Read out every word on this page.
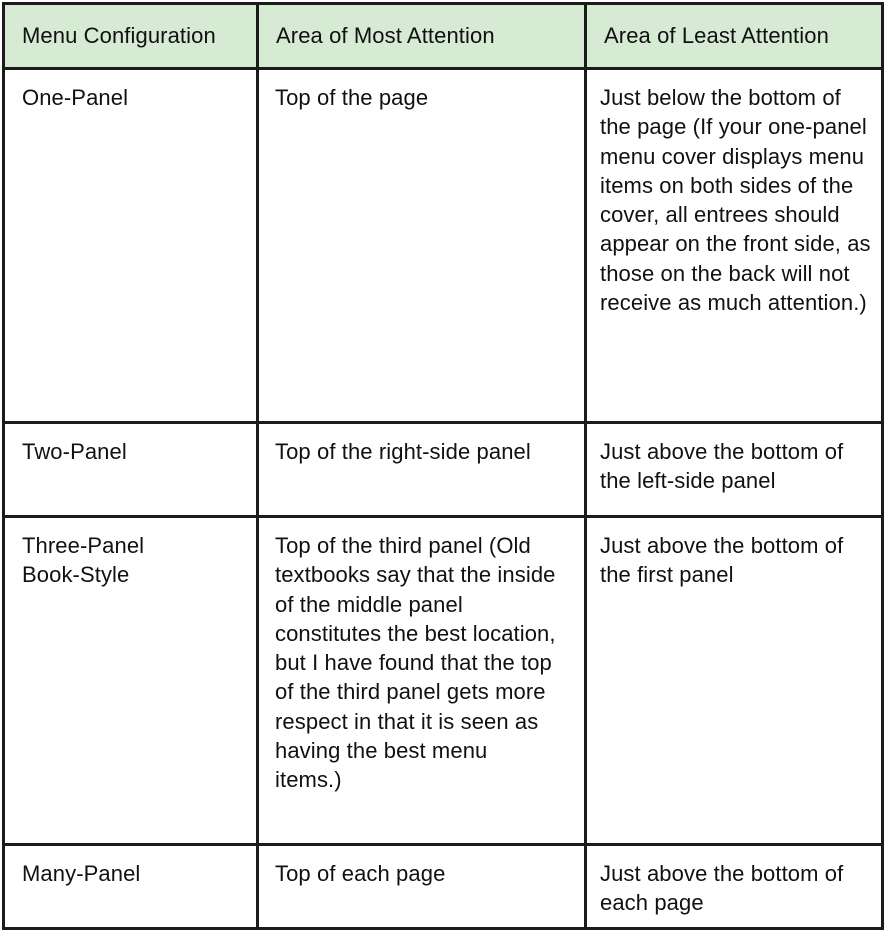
Menu Configuration	Area of Most Attention	Area of Least Attention

One-Panel	Top of the page	Just below the bottom of the page (If your one-panel menu cover displays menu items on both sides of the cover, all entrees should appear on the front side, as those on the back will not receive as much attention.)

Two-Panel	Top of the right-side panel	Just above the bottom of the left-side panel

Three-Panel Book-Style	Top of the third panel (Old textbooks say that the inside of the middle panel constitutes the best location, but I have found that the top of the third panel gets more respect in that it is seen as having the best menu items.)	Just above the bottom of the first panel

Many-Panel	Top of each page	Just above the bottom of each page
